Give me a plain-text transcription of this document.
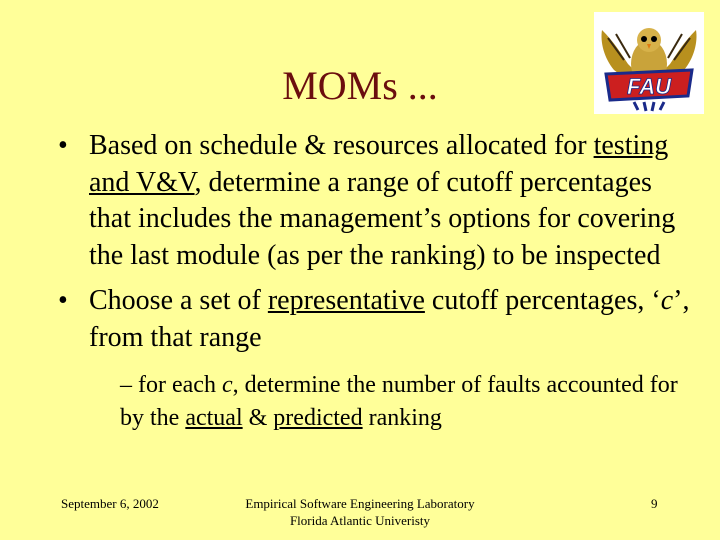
MOMs ...	FAU
• Based on schedule & resources allocated for testing and V&V, determine a range of cutoff percentages that includes the management’s options for covering the last module (as per the ranking) to be inspected
• Choose a set of representative cutoff percentages, ‘c’, from that range
– for each c, determine the number of faults accounted for by the actual & predicted ranking
September 6, 2002	Empirical Software Engineering Laboratory
Florida Atlantic Univeristy
9
